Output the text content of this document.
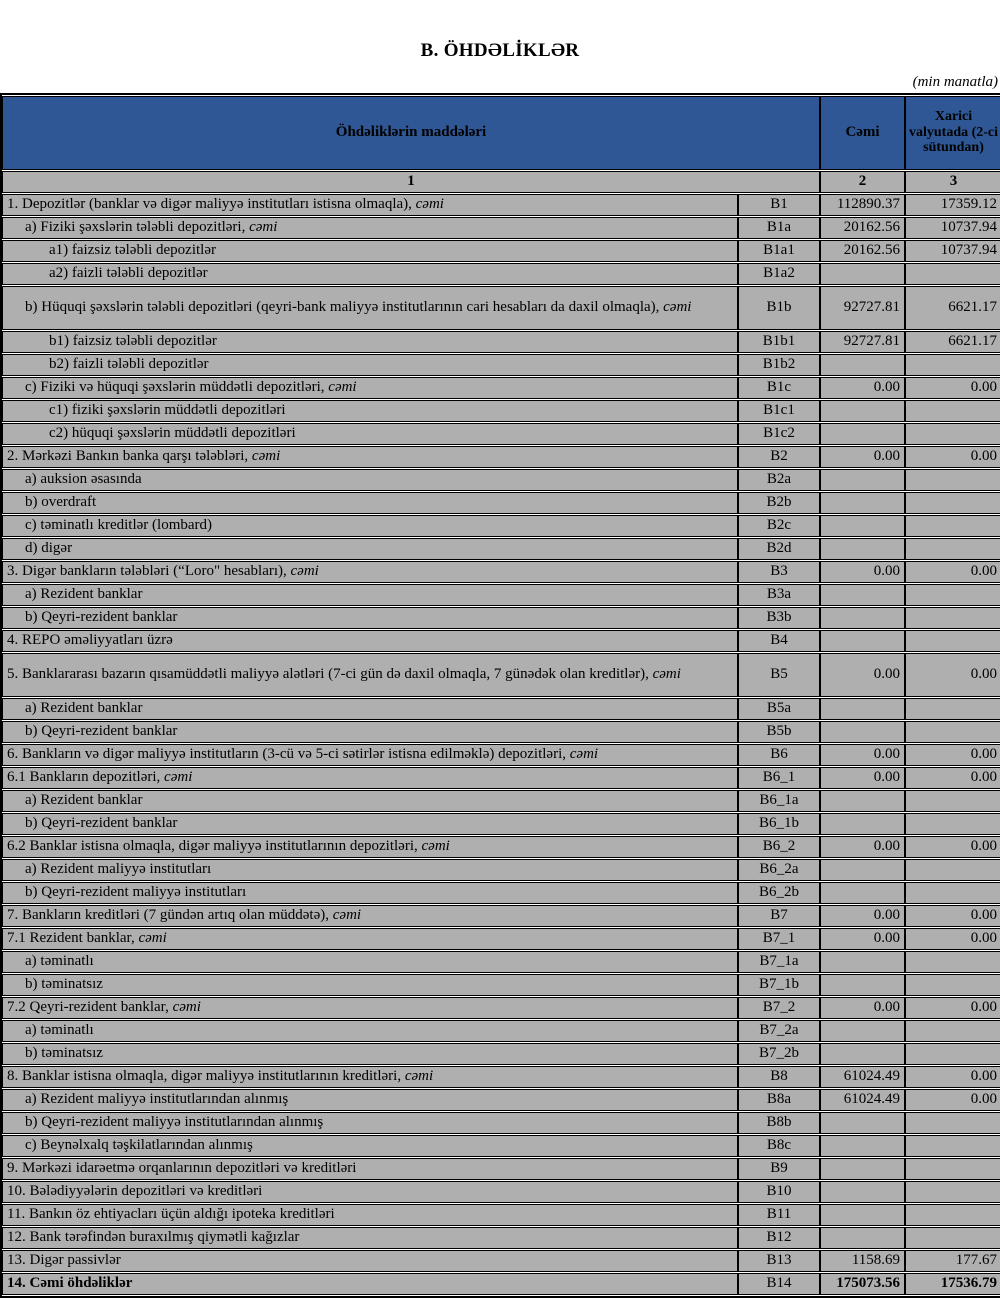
B. ÖHDƏLİKLƏR
(min manatla)
Öhdəliklərin maddələri		Cəmi	Xarici valyutada (2-ci sütundan)
1		2	3
1. Depozitlər (banklar və digər maliyyə institutları istisna olmaqla), cəmi	B1	112890.37	17359.12
a) Fiziki şəxslərin tələbli depozitləri, cəmi	B1a	20162.56	10737.94
a1) faizsiz tələbli depozitlər	B1a1	20162.56	10737.94
a2) faizli tələbli depozitlər	B1a2		
b) Hüquqi şəxslərin tələbli depozitləri (qeyri-bank maliyyə institutlarının cari hesabları da daxil olmaqla), cəmi	B1b	92727.81	6621.17
b1) faizsiz tələbli depozitlər	B1b1	92727.81	6621.17
b2) faizli tələbli depozitlər	B1b2		
c) Fiziki və hüquqi şəxslərin müddətli depozitləri, cəmi	B1c	0.00	0.00
c1) fiziki şəxslərin müddətli depozitləri	B1c1		
c2) hüquqi şəxslərin müddətli depozitləri	B1c2		
2. Mərkəzi Bankın banka qarşı tələbləri, cəmi	B2	0.00	0.00
a) auksion əsasında	B2a		
b) overdraft	B2b		
c) təminatlı kreditlər (lombard)	B2c		
d) digər	B2d		
3. Digər bankların tələbləri (“Loro" hesabları), cəmi	B3	0.00	0.00
a) Rezident banklar	B3a		
b) Qeyri-rezident banklar	B3b		
4. REPO əməliyyatları üzrə	B4		
5. Banklararası bazarın qısamüddətli maliyyə alətləri (7-ci gün də daxil olmaqla, 7 günədək olan kreditlər), cəmi	B5	0.00	0.00
a) Rezident banklar	B5a		
b) Qeyri-rezident banklar	B5b		
6. Bankların və digər maliyyə institutların (3-cü və 5-ci sətirlər istisna edilməklə) depozitləri, cəmi	B6	0.00	0.00
6.1 Bankların depozitləri, cəmi	B6_1	0.00	0.00
a) Rezident banklar	B6_1a		
b) Qeyri-rezident banklar	B6_1b		
6.2 Banklar istisna olmaqla, digər maliyyə institutlarının depozitləri, cəmi	B6_2	0.00	0.00
a) Rezident maliyyə institutları	B6_2a		
b) Qeyri-rezident maliyyə institutları	B6_2b		
7. Bankların kreditləri (7 gündən artıq olan müddətə), cəmi	B7	0.00	0.00
7.1 Rezident banklar, cəmi	B7_1	0.00	0.00
a) təminatlı	B7_1a		
b) təminatsız	B7_1b		
7.2 Qeyri-rezident banklar, cəmi	B7_2	0.00	0.00
a) təminatlı	B7_2a		
b) təminatsız	B7_2b		
8. Banklar istisna olmaqla, digər maliyyə institutlarının kreditləri, cəmi	B8	61024.49	0.00
a) Rezident maliyyə institutlarından alınmış	B8a	61024.49	0.00
b) Qeyri-rezident maliyyə institutlarından alınmış	B8b		
c) Beynəlxalq təşkilatlarından alınmış	B8c		
9. Mərkəzi idarəetmə orqanlarının depozitləri və kreditləri	B9		
10. Bələdiyyələrin depozitləri və kreditləri	B10		
11. Bankın öz ehtiyacları üçün aldığı ipoteka kreditləri	B11		
12. Bank tərəfindən buraxılmış qiymətli kağızlar	B12		
13. Digər passivlər	B13	1158.69	177.67
14. Cəmi öhdəliklər	B14	175073.56	17536.79
